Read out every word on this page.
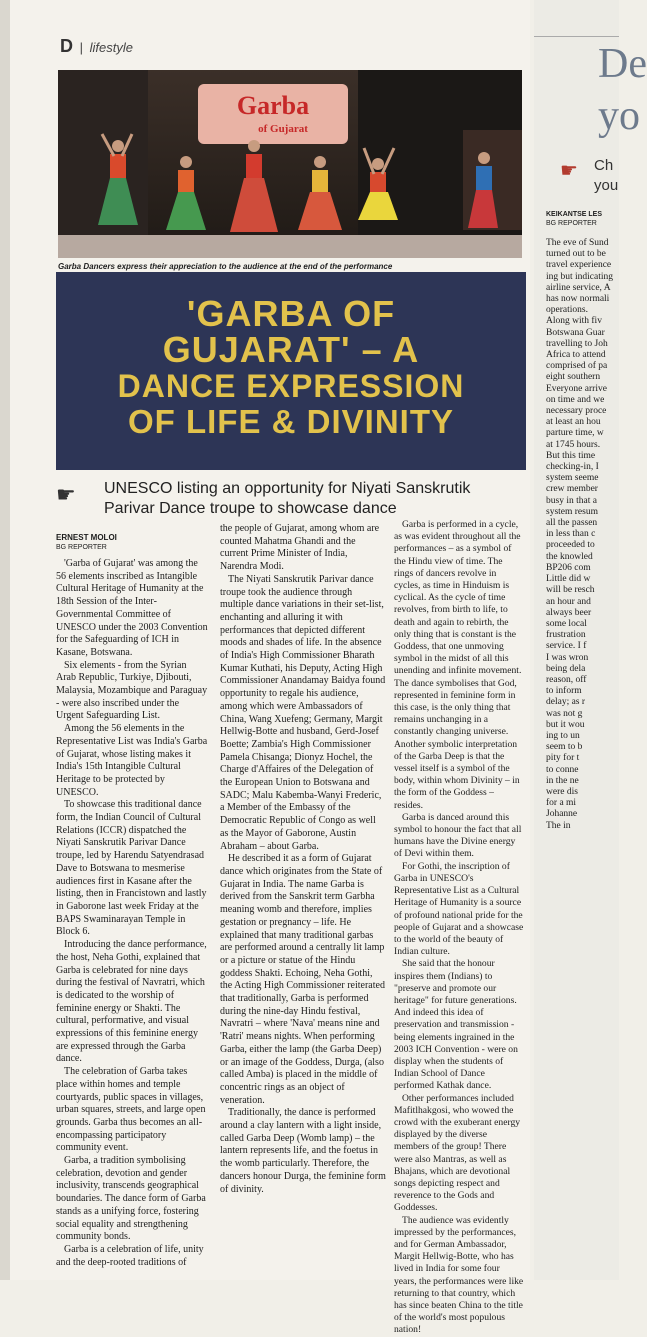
D | lifestyle
Garba
of Gujarat
Garba Dancers express their appreciation to the audience at the end of the performance
'GARBA OF
GUJARAT' – A
DANCE EXPRESSION
OF LIFE & DIVINITY
☛ UNESCO listing an opportunity for Niyati Sanskrutik Parivar Dance troupe to showcase dance
ERNEST MOLOI
BG REPORTER

'Garba of Gujarat' was among the 56 elements inscribed as Intangible Cultural Heritage of Humanity at the 18th Session of the Inter-Governmental Committee of UNESCO under the 2003 Convention for the Safeguarding of ICH in Kasane, Botswana.

Six elements - from the Syrian Arab Republic, Turkiye, Djibouti, Malaysia, Mozambique and Paraguay - were also inscribed under the Urgent Safeguarding List.

Among the 56 elements in the Representative List was India's Garba of Gujarat, whose listing makes it India's 15th Intangible Cultural Heritage to be protected by UNESCO.

To showcase this traditional dance form, the Indian Council of Cultural Relations (ICCR) dispatched the Niyati Sanskrutik Parivar Dance troupe, led by Harendu Satyendrasad Dave to Botswana to mesmerise audiences first in Kasane after the listing, then in Francistown and lastly in Gaborone last week Friday at the BAPS Swaminarayan Temple in Block 6.

Introducing the dance performance, the host, Neha Gothi, explained that Garba is celebrated for nine days during the festival of Navratri, which is dedicated to the worship of feminine energy or Shakti. The cultural, performative, and visual expressions of this feminine energy are expressed through the Garba dance.

The celebration of Garba takes place within homes and temple courtyards, public spaces in villages, urban squares, streets, and large open grounds. Garba thus becomes an all-encompassing participatory community event.

Garba, a tradition symbolising celebration, devotion and gender inclusivity, transcends geographical boundaries. The dance form of Garba stands as a unifying force, fostering social equality and strengthening community bonds.

Garba is a celebration of life, unity and the deep-rooted traditions of

the people of Gujarat, among whom are counted Mahatma Ghandi and the current Prime Minister of India, Narendra Modi.

The Niyati Sanskrutik Parivar dance troupe took the audience through multiple dance variations in their set-list, enchanting and alluring it with performances that depicted different moods and shades of life. In the absence of India's High Commissioner Bharath Kumar Kuthati, his Deputy, Acting High Commissioner Anandamay Baidya found opportunity to regale his audience, among which were Ambassadors of China, Wang Xuefeng; Germany, Margit Hellwig-Botte and husband, Gerd-Josef Boette; Zambia's High Commissioner Pamela Chisanga; Dionyz Hochel, the Charge d'Affaires of the Delegation of the European Union to Botswana and SADC; Malu Kabemba-Wanyi Frederic, a Member of the Embassy of the Democratic Republic of Congo as well as the Mayor of Gaborone, Austin Abraham – about Garba.

He described it as a form of Gujarat dance which originates from the State of Gujarat in India. The name Garba is derived from the Sanskrit term Garbha meaning womb and therefore, implies gestation or pregnancy – life. He explained that many traditional garbas are performed around a centrally lit lamp or a picture or statue of the Hindu goddess Shakti. Echoing, Neha Gothi, the Acting High Commissioner reiterated that traditionally, Garba is performed during the nine-day Hindu festival, Navratri – where 'Nava' means nine and 'Ratri' means nights. When performing Garba, either the lamp (the Garba Deep) or an image of the Goddess, Durga, (also called Amba) is placed in the middle of concentric rings as an object of veneration.

Traditionally, the dance is performed around a clay lantern with a light inside, called Garba Deep (Womb lamp) – the lantern represents life, and the foetus in the womb particularly. Therefore, the dancers honour Durga, the feminine form of divinity.

Garba is performed in a cycle, as was evident throughout all the performances – as a symbol of the Hindu view of time. The rings of dancers revolve in cycles, as time in Hinduism is cyclical. As the cycle of time revolves, from birth to life, to death and again to rebirth, the only thing that is constant is the Goddess, that one unmoving symbol in the midst of all this unending and infinite movement. The dance symbolises that God, represented in feminine form in this case, is the only thing that remains unchanging in a constantly changing universe. Another symbolic interpretation of the Garba Deep is that the vessel itself is a symbol of the body, within whom Divinity – in the form of the Goddess – resides.

Garba is danced around this symbol to honour the fact that all humans have the Divine energy of Devi within them.

For Gothi, the inscription of Garba in UNESCO's Representative List as a Cultural Heritage of Humanity is a source of profound national pride for the people of Gujarat and a showcase to the world of the beauty of Indian culture.

She said that the honour inspires them (Indians) to "preserve and promote our heritage" for future generations. And indeed this idea of preservation and transmission - being elements ingrained in the 2003 ICH Convention - were on display when the students of Indian School of Dance performed Kathak dance.

Other performances included Mafitlhakgosi, who wowed the crowd with the exuberant energy displayed by the diverse members of the group! There were also Mantras, as well as Bhajans, which are devotional songs depicting respect and reverence to the Gods and Goddesses.

The audience was evidently impressed by the performances, and for German Ambassador, Margit Hellwig-Botte, who has lived in India for some four years, the performances were like returning to that country, which has since beaten China to the title of the world's most populous nation!

De
yo
☛ Ch
you
KEIKANTSE LES
BG REPORTER
The eve of Sund
turned out to be
travel experience
ing but indicating
airline service, A
has now normali
operations.
Along with fiv
Botswana Guar
travelling to Joh
Africa to attend
comprised of pa
eight southern
Everyone arrive
on time and we
necessary proce
at least an hou
parture time, w
at 1745 hours.
But this time
checking-in, I
system seeme
crew member
busy in that a
system resum
all the passen
in less than c
proceeded to
the knowled
BP206 com
Little did w
will be resch
an hour and
always beer
some local
frustration
service. I f
I was wron
being dela
reason, off
to inform
delay; as r
was not g
but it wou
ing to un
seem to b
pity for t
to conne
in the ne
were dis
for a mi
Johanne
The in
